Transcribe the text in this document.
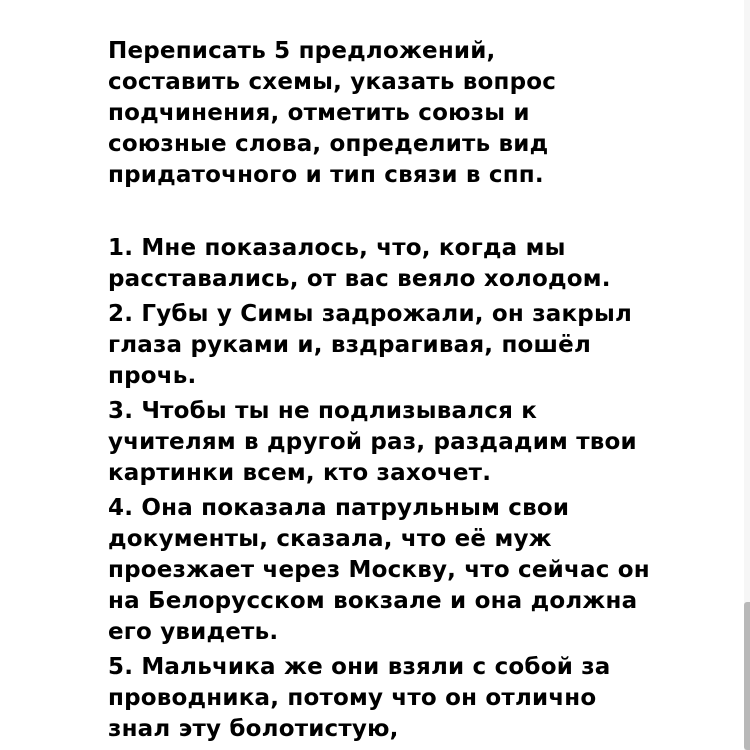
Переписать 5 предложений,
составить схемы, указать вопрос
подчинения, отметить союзы и
союзные слова, определить вид
придаточного и тип связи в спп.

1. Мне показалось, что, когда мы
расставались, от вас веяло холодом.

2. Губы у Симы задрожали, он закрыл
глаза руками и, вздрагивая, пошёл
прочь.

3. Чтобы ты не подлизывался к
учителям в другой раз, раздадим твои
картинки всем, кто захочет.

4. Она показала патрульным свои
документы, сказала, что её муж
проезжает через Москву, что сейчас он
на Белорусском вокзале и она должна
его увидеть.

5. Мальчика же они взяли с собой за
проводника, потому что он отлично
знал эту болотистую,
